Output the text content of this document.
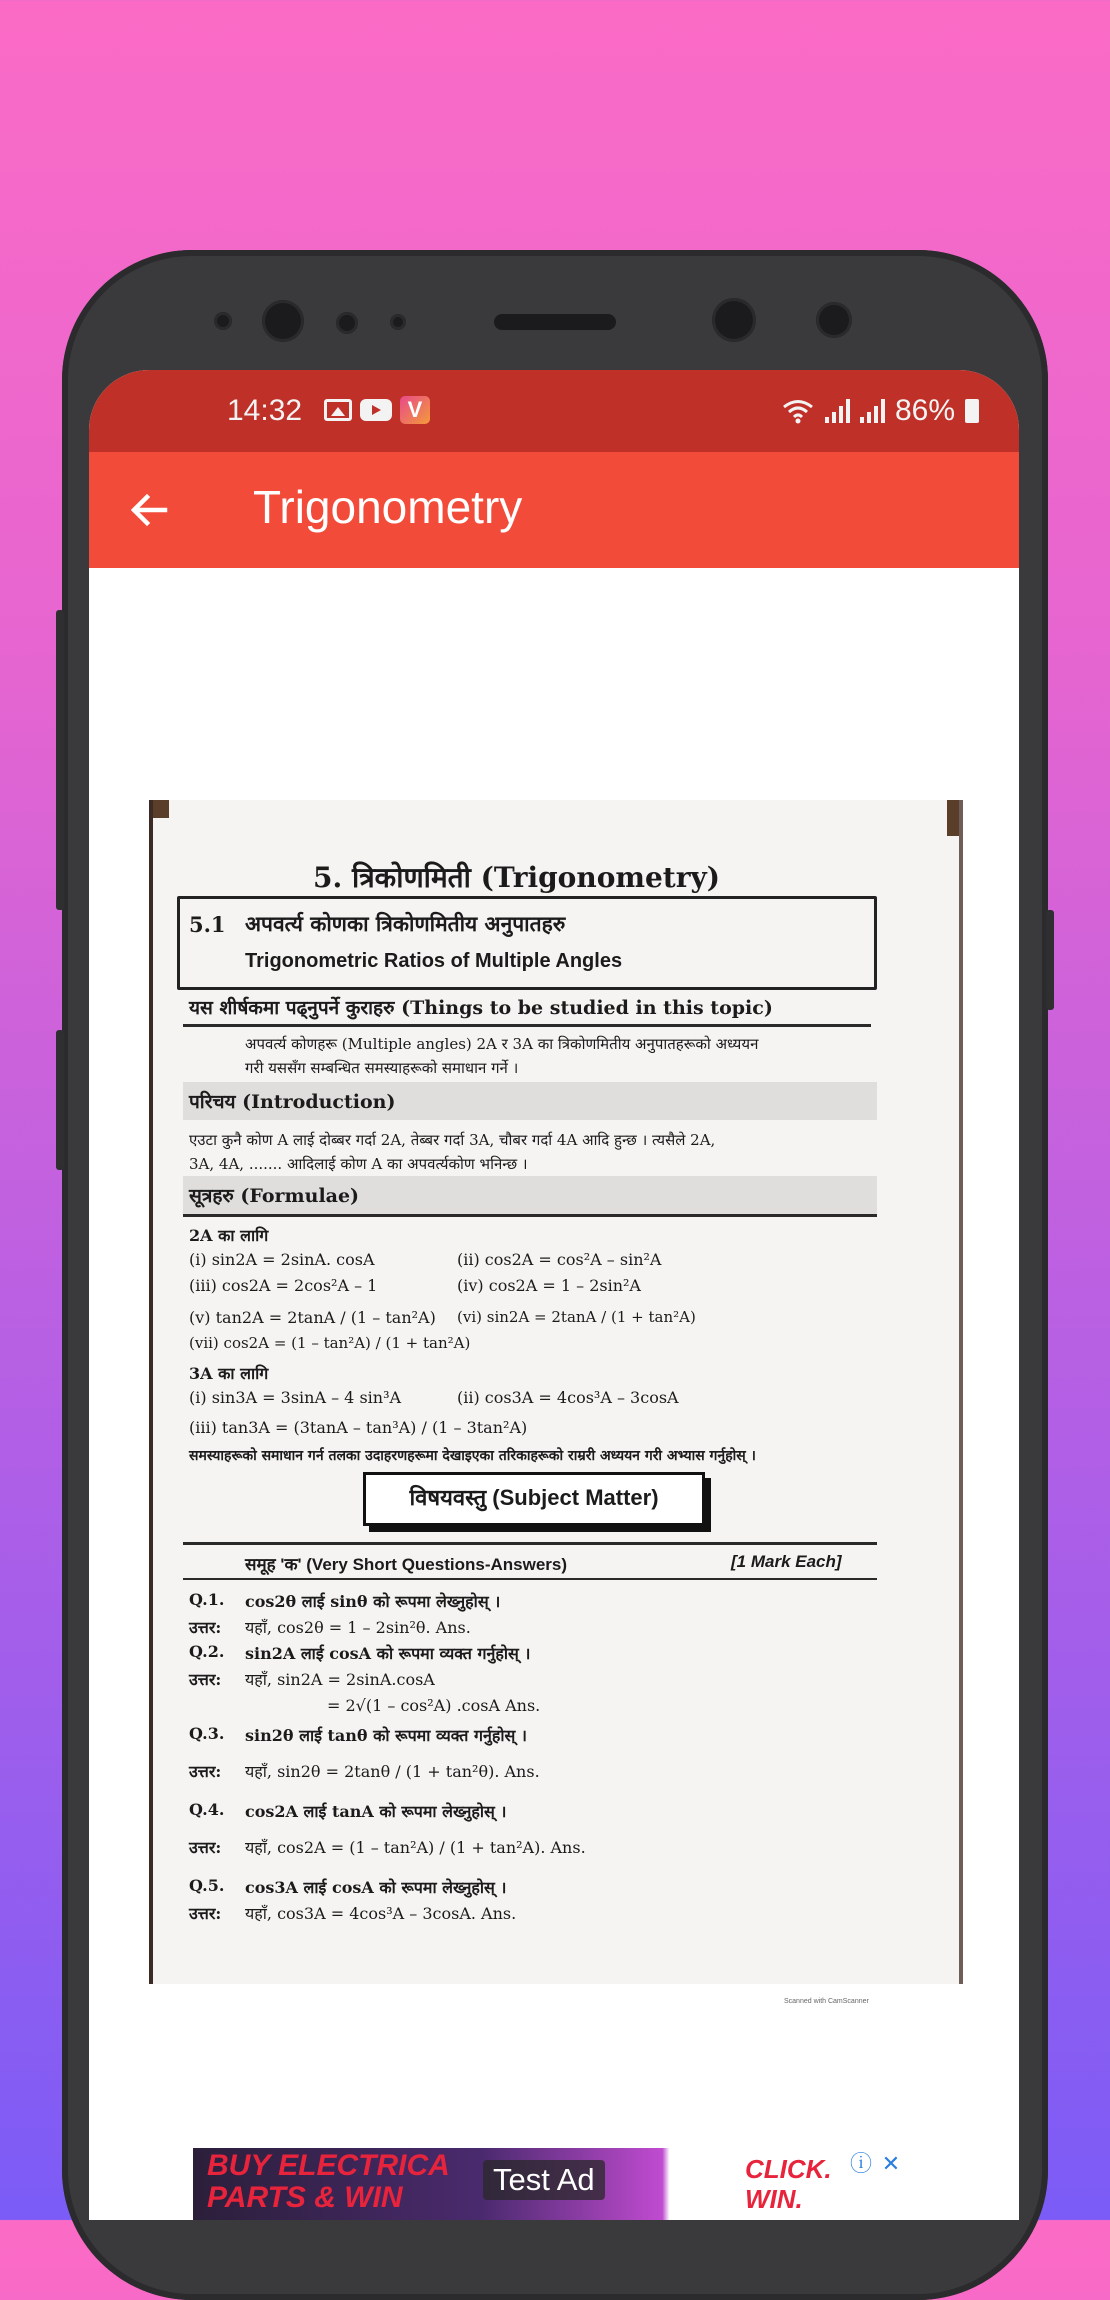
14:32	V	86%
Trigonometry
5. त्रिकोणमिती (Trigonometry)
5.1 अपवर्त्य कोणका त्रिकोणमितीय अनुपातहरु
Trigonometric Ratios of Multiple Angles
यस शीर्षकमा पढ्नुपर्ने कुराहरु (Things to be studied in this topic)
अपवर्त्य कोणहरू (Multiple angles) 2A र 3A का त्रिकोणमितीय अनुपातहरूको अध्ययन
गरी यससँग सम्बन्धित समस्याहरूको समाधान गर्ने ।
परिचय (Introduction)
एउटा कुनै कोण A लाई दोब्बर गर्दा 2A, तेब्बर गर्दा 3A, चौबर गर्दा 4A आदि हुन्छ । त्यसैले 2A,
3A, 4A, ....... आदिलाई कोण A का अपवर्त्यकोण भनिन्छ ।
सूत्रहरु (Formulae)
2A का लागि
(i) sin2A = 2sinA. cosA	(ii) cos2A = cos²A – sin²A
(iii) cos2A = 2cos²A – 1	(iv) cos2A = 1 – 2sin²A
(v) tan2A = 2tanA / (1 – tan²A) (vi) sin2A = 2tanA / (1 + tan²A)
(vii) cos2A = (1 – tan²A) / (1 + tan²A)
3A का लागि
(i) sin3A = 3sinA – 4 sin³A	(ii) cos3A = 4cos³A – 3cosA
(iii) tan3A = (3tanA – tan³A) / (1 – 3tan²A)
समस्याहरूको समाधान गर्न तलका उदाहरणहरूमा देखाइएका तरिकाहरूको राम्ररी अध्ययन गरी अभ्यास गर्नुहोस् ।
विषयवस्तु (Subject Matter)
समूह 'क' (Very Short Questions-Answers)	[1 Mark Each]
Q.1. cos2θ लाई sinθ को रूपमा लेख्नुहोस् ।
उत्तर: यहाँ, cos2θ = 1 – 2sin²θ. Ans.
Q.2. sin2A लाई cosA को रूपमा व्यक्त गर्नुहोस् ।
उत्तर: यहाँ, sin2A = 2sinA.cosA
= 2√(1 – cos²A) .cosA Ans.
Q.3. sin2θ लाई tanθ को रूपमा व्यक्त गर्नुहोस् ।
उत्तर: यहाँ, sin2θ = 2tanθ / (1 + tan²θ). Ans.
Q.4. cos2A लाई tanA को रूपमा लेख्नुहोस् ।
उत्तर: यहाँ, cos2A = (1 – tan²A) / (1 + tan²A). Ans.
Q.5. cos3A लाई cosA को रूपमा लेख्नुहोस् ।
उत्तर: यहाँ, cos3A = 4cos³A – 3cosA. Ans.
Scanned with CamScanner
BUY ELECTRICA
PARTS & WIN
Test Ad	CLICK.
WIN.
ⓘ ✕
